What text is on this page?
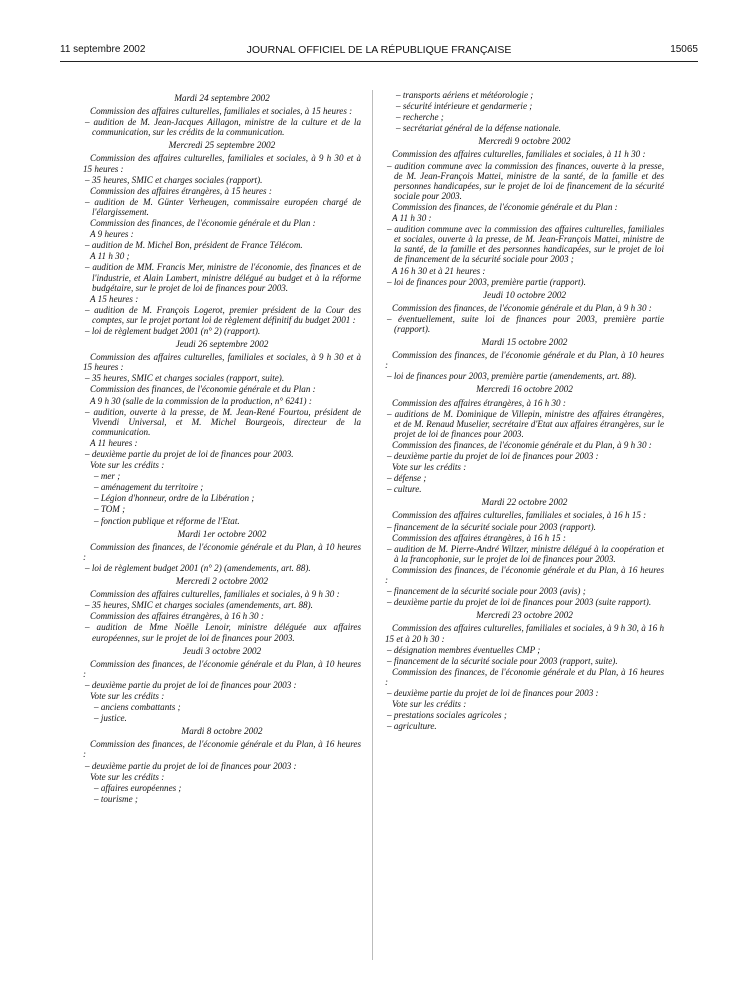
11 septembre 2002	JOURNAL OFFICIEL DE LA RÉPUBLIQUE FRANÇAISE	15065
Mardi 24 septembre 2002
Commission des affaires culturelles, familiales et sociales, à 15 heures :
– audition de M. Jean-Jacques Aillagon, ministre de la culture et de la communication, sur les crédits de la communication.
Mercredi 25 septembre 2002
Commission des affaires culturelles, familiales et sociales, à 9 h 30 et à 15 heures :
– 35 heures, SMIC et charges sociales (rapport).
Commission des affaires étrangères, à 15 heures :
– audition de M. Günter Verheugen, commissaire européen chargé de l'élargissement.
Commission des finances, de l'économie générale et du Plan :
A 9 heures :
– audition de M. Michel Bon, président de France Télécom.
A 11 h 30 ;
– audition de MM. Francis Mer, ministre de l'économie, des finances et de l'industrie, et Alain Lambert, ministre délégué au budget et à la réforme budgétaire, sur le projet de loi de finances pour 2003.
A 15 heures :
– audition de M. François Logerot, premier président de la Cour des comptes, sur le projet portant loi de règlement définitif du budget 2001 :
– loi de règlement budget 2001 (n° 2) (rapport).
Jeudi 26 septembre 2002
Commission des affaires culturelles, familiales et sociales, à 9 h 30 et à 15 heures :
– 35 heures, SMIC et charges sociales (rapport, suite).
Commission des finances, de l'économie générale et du Plan :
A 9 h 30 (salle de la commission de la production, n° 6241) :
– audition, ouverte à la presse, de M. Jean-René Fourtou, président de Vivendi Universal, et M. Michel Bourgeois, directeur de la communication.
A 11 heures :
– deuxième partie du projet de loi de finances pour 2003.
Vote sur les crédits :
– mer ;
– aménagement du territoire ;
– Légion d'honneur, ordre de la Libération ;
– TOM ;
– fonction publique et réforme de l'Etat.
Mardi 1er octobre 2002
Commission des finances, de l'économie générale et du Plan, à 10 heures :
– loi de règlement budget 2001 (n° 2) (amendements, art. 88).
Mercredi 2 octobre 2002
Commission des affaires culturelles, familiales et sociales, à 9 h 30 :
– 35 heures, SMIC et charges sociales (amendements, art. 88).
Commission des affaires étrangères, à 16 h 30 :
– audition de Mme Noëlle Lenoir, ministre déléguée aux affaires européennes, sur le projet de loi de finances pour 2003.
Jeudi 3 octobre 2002
Commission des finances, de l'économie générale et du Plan, à 10 heures :
– deuxième partie du projet de loi de finances pour 2003 :
Vote sur les crédits :
– anciens combattants ;
– justice.
Mardi 8 octobre 2002
Commission des finances, de l'économie générale et du Plan, à 16 heures :
– deuxième partie du projet de loi de finances pour 2003 :
Vote sur les crédits :
– affaires européennes ;
– tourisme ;
– transports aériens et météorologie ;
– sécurité intérieure et gendarmerie ;
– recherche ;
– secrétariat général de la défense nationale.
Mercredi 9 octobre 2002
Commission des affaires culturelles, familiales et sociales, à 11 h 30 :
– audition commune avec la commission des finances, ouverte à la presse, de M. Jean-François Mattei, ministre de la santé, de la famille et des personnes handicapées, sur le projet de loi de financement de la sécurité sociale pour 2003.
Commission des finances, de l'économie générale et du Plan :
A 11 h 30 :
– audition commune avec la commission des affaires culturelles, familiales et sociales, ouverte à la presse, de M. Jean-François Mattei, ministre de la santé, de la famille et des personnes handicapées, sur le projet de loi de financement de la sécurité sociale pour 2003 ;
A 16 h 30 et à 21 heures :
– loi de finances pour 2003, première partie (rapport).
Jeudi 10 octobre 2002
Commission des finances, de l'économie générale et du Plan, à 9 h 30 :
– éventuellement, suite loi de finances pour 2003, première partie (rapport).
Mardi 15 octobre 2002
Commission des finances, de l'économie générale et du Plan, à 10 heures :
– loi de finances pour 2003, première partie (amendements, art. 88).
Mercredi 16 octobre 2002
Commission des affaires étrangères, à 16 h 30 :
– auditions de M. Dominique de Villepin, ministre des affaires étrangères, et de M. Renaud Muselier, secrétaire d'Etat aux affaires étrangères, sur le projet de loi de finances pour 2003.
Commission des finances, de l'économie générale et du Plan, à 9 h 30 :
– deuxième partie du projet de loi de finances pour 2003 :
Vote sur les crédits :
– défense ;
– culture.
Mardi 22 octobre 2002
Commission des affaires culturelles, familiales et sociales, à 16 h 15 :
– financement de la sécurité sociale pour 2003 (rapport).
Commission des affaires étrangères, à 16 h 15 :
– audition de M. Pierre-André Wiltzer, ministre délégué à la coopération et à la francophonie, sur le projet de loi de finances pour 2003.
Commission des finances, de l'économie générale et du Plan, à 16 heures :
– financement de la sécurité sociale pour 2003 (avis) ;
– deuxième partie du projet de loi de finances pour 2003 (suite rapport).
Mercredi 23 octobre 2002
Commission des affaires culturelles, familiales et sociales, à 9 h 30, à 16 h 15 et à 20 h 30 :
– désignation membres éventuelles CMP ;
– financement de la sécurité sociale pour 2003 (rapport, suite).
Commission des finances, de l'économie générale et du Plan, à 16 heures :
– deuxième partie du projet de loi de finances pour 2003 :
Vote sur les crédits :
– prestations sociales agricoles ;
– agriculture.
